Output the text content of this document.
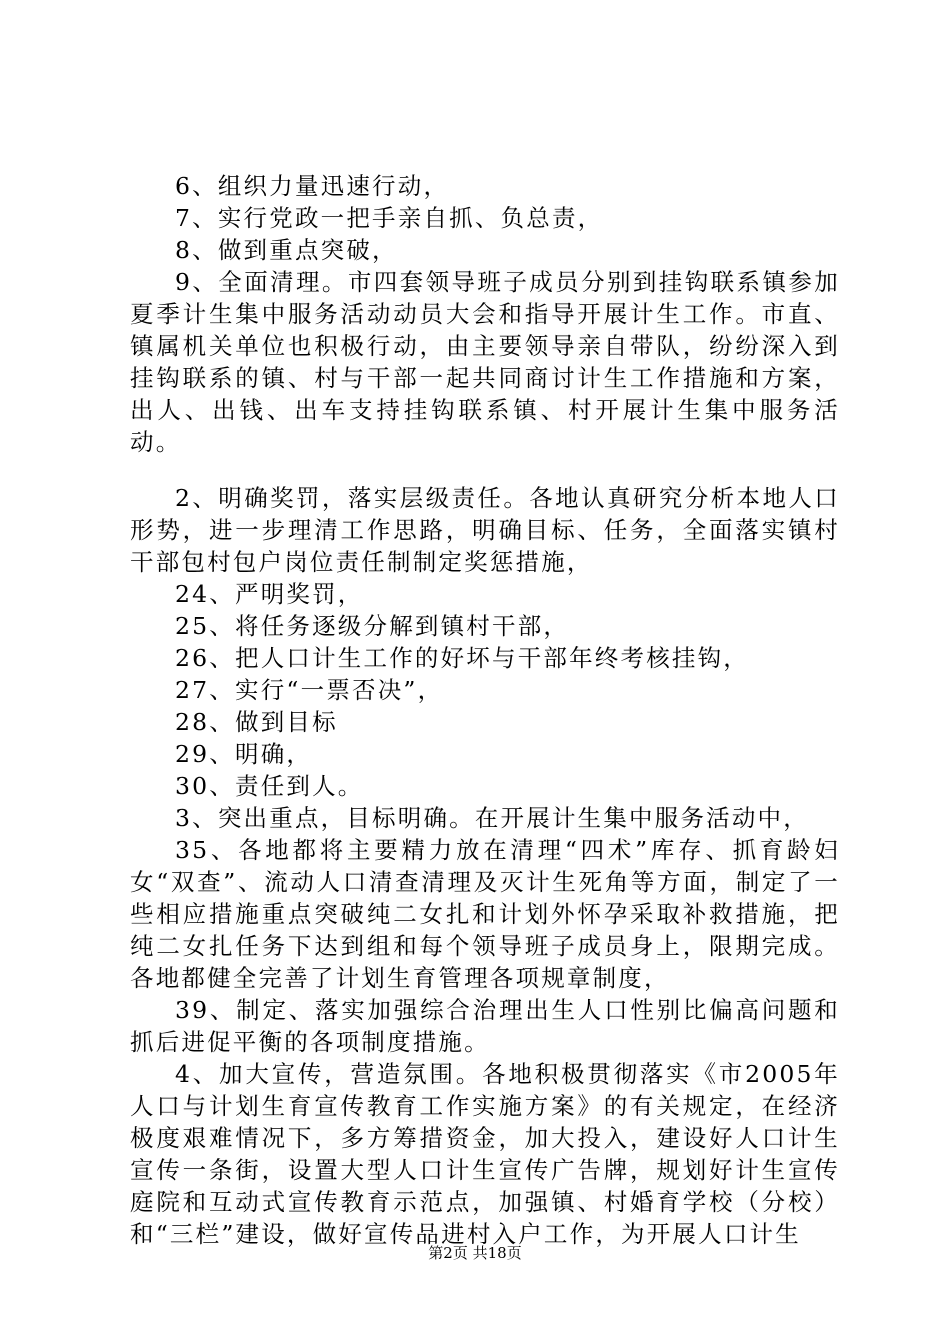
6、组织力量迅速行动，

7、实行党政一把手亲自抓、负总责，

8、做到重点突破，

9、全面清理。市四套领导班子成员分别到挂钩联系镇参加夏季计生集中服务活动动员大会和指导开展计生工作。市直、镇属机关单位也积极行动，由主要领导亲自带队，纷纷深入到挂钩联系的镇、村与干部一起共同商讨计生工作措施和方案，出人、出钱、出车支持挂钩联系镇、村开展计生集中服务活动。

2、明确奖罚，落实层级责任。各地认真研究分析本地人口形势，进一步理清工作思路，明确目标、任务，全面落实镇村干部包村包户岗位责任制制定奖惩措施，

24、严明奖罚，

25、将任务逐级分解到镇村干部，

26、把人口计生工作的好坏与干部年终考核挂钩，

27、实行“一票否决”，

28、做到目标

29、明确，

30、责任到人。

3、突出重点，目标明确。在开展计生集中服务活动中，

35、各地都将主要精力放在清理“四术”库存、抓育龄妇女“双查”、流动人口清查清理及灭计生死角等方面，制定了一些相应措施重点突破纯二女扎和计划外怀孕采取补救措施，把纯二女扎任务下达到组和每个领导班子成员身上，限期完成。各地都健全完善了计划生育管理各项规章制度，

39、制定、落实加强综合治理出生人口性别比偏高问题和抓后进促平衡的各项制度措施。

4、加大宣传，营造氛围。各地积极贯彻落实《市2005年人口与计划生育宣传教育工作实施方案》的有关规定，在经济极度艰难情况下，多方筹措资金，加大投入，建设好人口计生宣传一条街，设置大型人口计生宣传广告牌，规划好计生宣传庭院和互动式宣传教育示范点，加强镇、村婚育学校（分校）和“三栏”建设，做好宣传品进村入户工作，为开展人口计生

第2页 共18页
